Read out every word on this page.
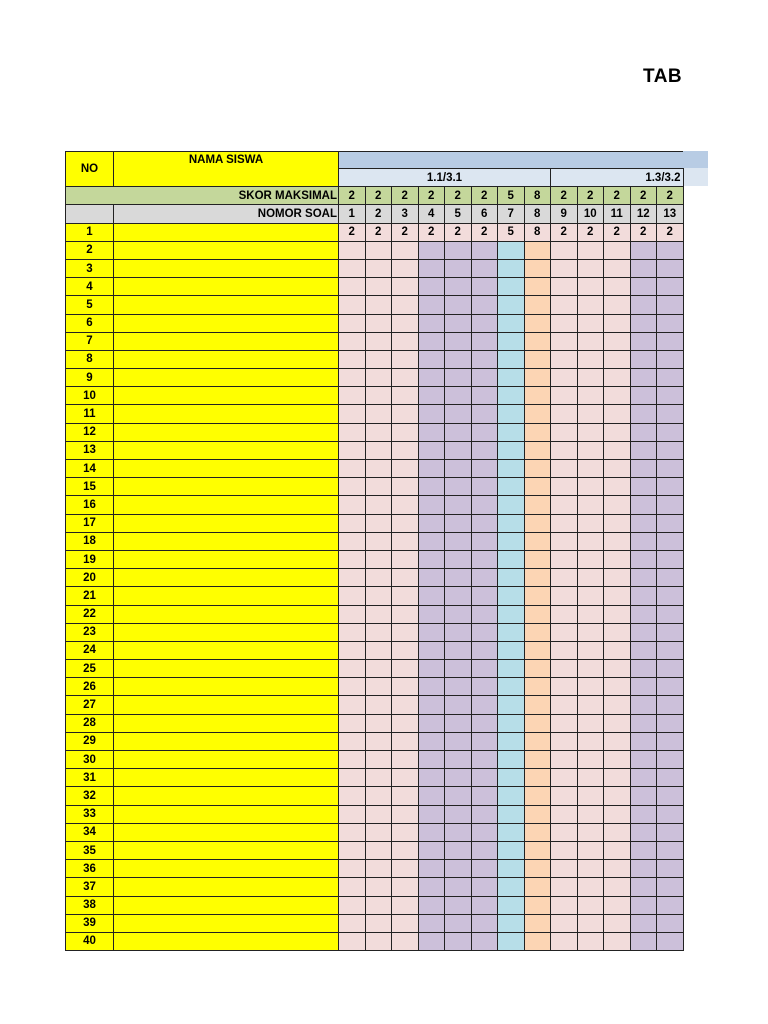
TAB
NO	NAMA SISWA													
		1.1/3.1								1.3/3.2				
SKOR MAKSIMAL		2	2	2	2	2	2	5	8	2	2	2	2	2
	NOMOR SOAL	1	2	3	4	5	6	7	8	9	10	11	12	13
1		2	2	2	2	2	2	5	8	2	2	2	2	2
2														
3														
4														
5														
6														
7														
8														
9														
10														
11														
12														
13														
14														
15														
16														
17														
18														
19														
20														
21														
22														
23														
24														
25														
26														
27														
28														
29														
30														
31														
32														
33														
34														
35														
36														
37														
38														
39														
40														
